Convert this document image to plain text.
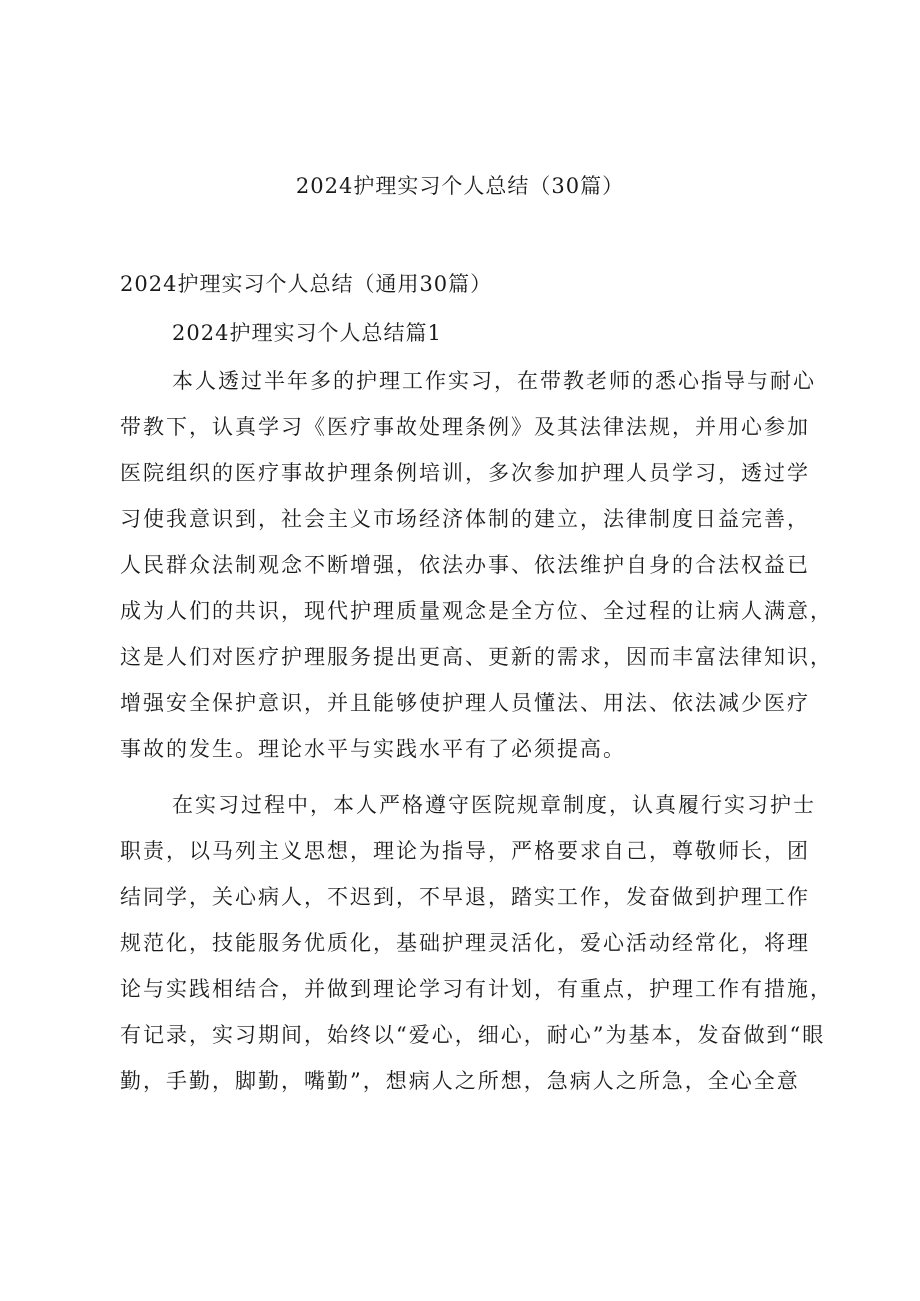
2024护理实习个人总结（30篇）
2024护理实习个人总结（通用30篇）
2024护理实习个人总结篇1
本人透过半年多的护理工作实习，在带教老师的悉心指导与耐心
带教下，认真学习《医疗事故处理条例》及其法律法规，并用心参加
医院组织的医疗事故护理条例培训，多次参加护理人员学习，透过学
习使我意识到，社会主义市场经济体制的建立，法律制度日益完善，
人民群众法制观念不断增强，依法办事、依法维护自身的合法权益已
成为人们的共识，现代护理质量观念是全方位、全过程的让病人满意，
这是人们对医疗护理服务提出更高、更新的需求，因而丰富法律知识，
增强安全保护意识，并且能够使护理人员懂法、用法、依法减少医疗
事故的发生。理论水平与实践水平有了必须提高。
在实习过程中，本人严格遵守医院规章制度，认真履行实习护士
职责，以马列主义思想，理论为指导，严格要求自己，尊敬师长，团
结同学，关心病人，不迟到，不早退，踏实工作，发奋做到护理工作
规范化，技能服务优质化，基础护理灵活化，爱心活动经常化，将理
论与实践相结合，并做到理论学习有计划，有重点，护理工作有措施，
有记录，实习期间，始终以“爱心，细心，耐心”为基本，发奋做到“眼
勤，手勤，脚勤，嘴勤”，想病人之所想，急病人之所急，全心全意
